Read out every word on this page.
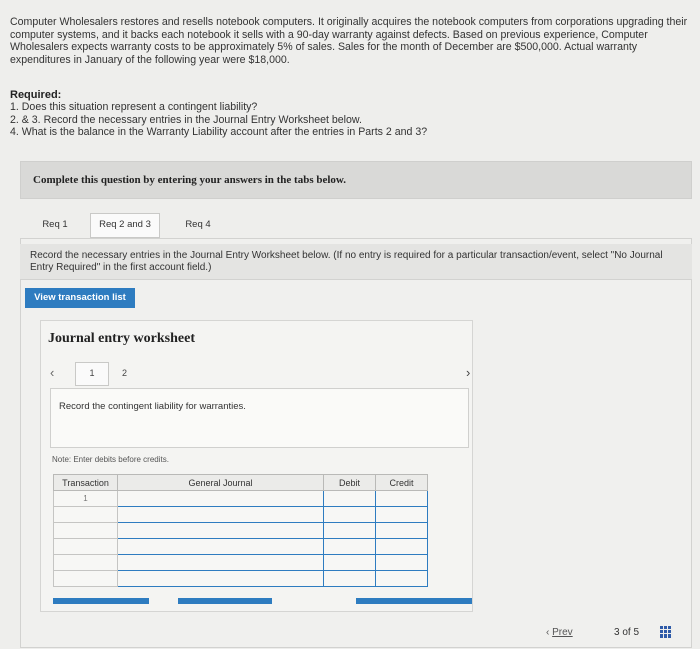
Computer Wholesalers restores and resells notebook computers. It originally acquires the notebook computers from corporations upgrading their computer systems, and it backs each notebook it sells with a 90-day warranty against defects. Based on previous experience, Computer Wholesalers expects warranty costs to be approximately 5% of sales. Sales for the month of December are $500,000. Actual warranty expenditures in January of the following year were $18,000.
Required:
1. Does this situation represent a contingent liability?
2. & 3. Record the necessary entries in the Journal Entry Worksheet below.
4. What is the balance in the Warranty Liability account after the entries in Parts 2 and 3?
Complete this question by entering your answers in the tabs below.
Req 1	Req 2 and 3	Req 4
Record the necessary entries in the Journal Entry Worksheet below. (If no entry is required for a particular transaction/event, select "No Journal Entry Required" in the first account field.)
View transaction list
Journal entry worksheet
‹	1	2	›
Record the contingent liability for warranties.
Note: Enter debits before credits.
Transaction	General Journal	Debit	Credit
1			

‹ Prev	3 of 5
